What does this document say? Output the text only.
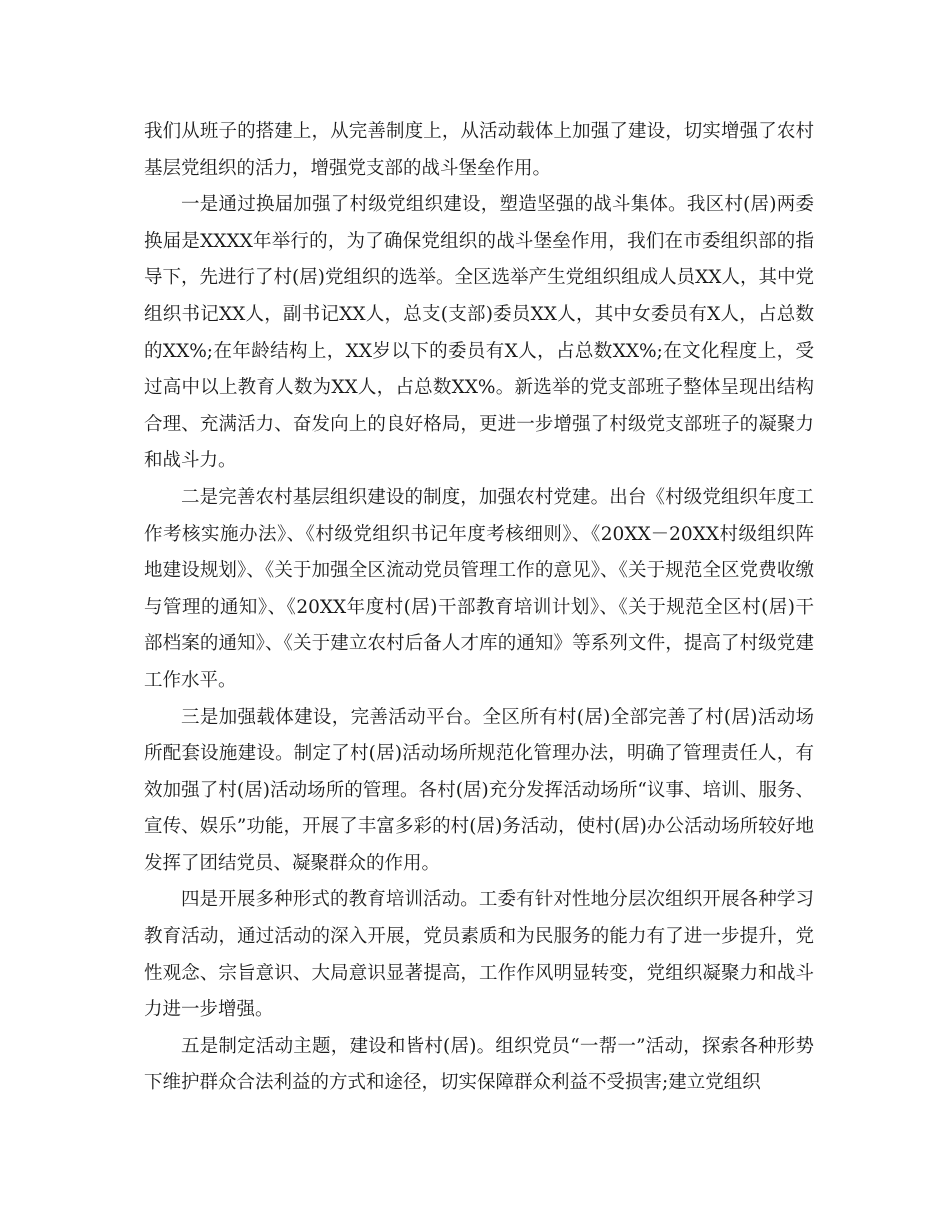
我们从班子的搭建上，从完善制度上，从活动载体上加强了建设，切实增强了农村基层党组织的活力，增强党支部的战斗堡垒作用。

一是通过换届加强了村级党组织建设，塑造坚强的战斗集体。我区村(居)两委换届是XXXX年举行的，为了确保党组织的战斗堡垒作用，我们在市委组织部的指导下，先进行了村(居)党组织的选举。全区选举产生党组织组成人员XX人，其中党组织书记XX人，副书记XX人，总支(支部)委员XX人，其中女委员有X人，占总数的XX%;在年龄结构上，XX岁以下的委员有X人，占总数XX%;在文化程度上，受过高中以上教育人数为XX人，占总数XX%。新选举的党支部班子整体呈现出结构合理、充满活力、奋发向上的良好格局，更进一步增强了村级党支部班子的凝聚力和战斗力。

二是完善农村基层组织建设的制度，加强农村党建。出台《村级党组织年度工作考核实施办法》、《村级党组织书记年度考核细则》、《20XX－20XX村级组织阵地建设规划》、《关于加强全区流动党员管理工作的意见》、《关于规范全区党费收缴与管理的通知》、《20XX年度村(居)干部教育培训计划》、《关于规范全区村(居)干部档案的通知》、《关于建立农村后备人才库的通知》等系列文件，提高了村级党建工作水平。

三是加强载体建设，完善活动平台。全区所有村(居)全部完善了村(居)活动场所配套设施建设。制定了村(居)活动场所规范化管理办法，明确了管理责任人，有效加强了村(居)活动场所的管理。各村(居)充分发挥活动场所“议事、培训、服务、宣传、娱乐”功能，开展了丰富多彩的村(居)务活动，使村(居)办公活动场所较好地发挥了团结党员、凝聚群众的作用。

四是开展多种形式的教育培训活动。工委有针对性地分层次组织开展各种学习教育活动，通过活动的深入开展，党员素质和为民服务的能力有了进一步提升，党性观念、宗旨意识、大局意识显著提高，工作作风明显转变，党组织凝聚力和战斗力进一步增强。

五是制定活动主题，建设和皆村(居)。组织党员“一帮一”活动，探索各种形势下维护群众合法利益的方式和途径，切实保障群众利益不受损害;建立党组织
